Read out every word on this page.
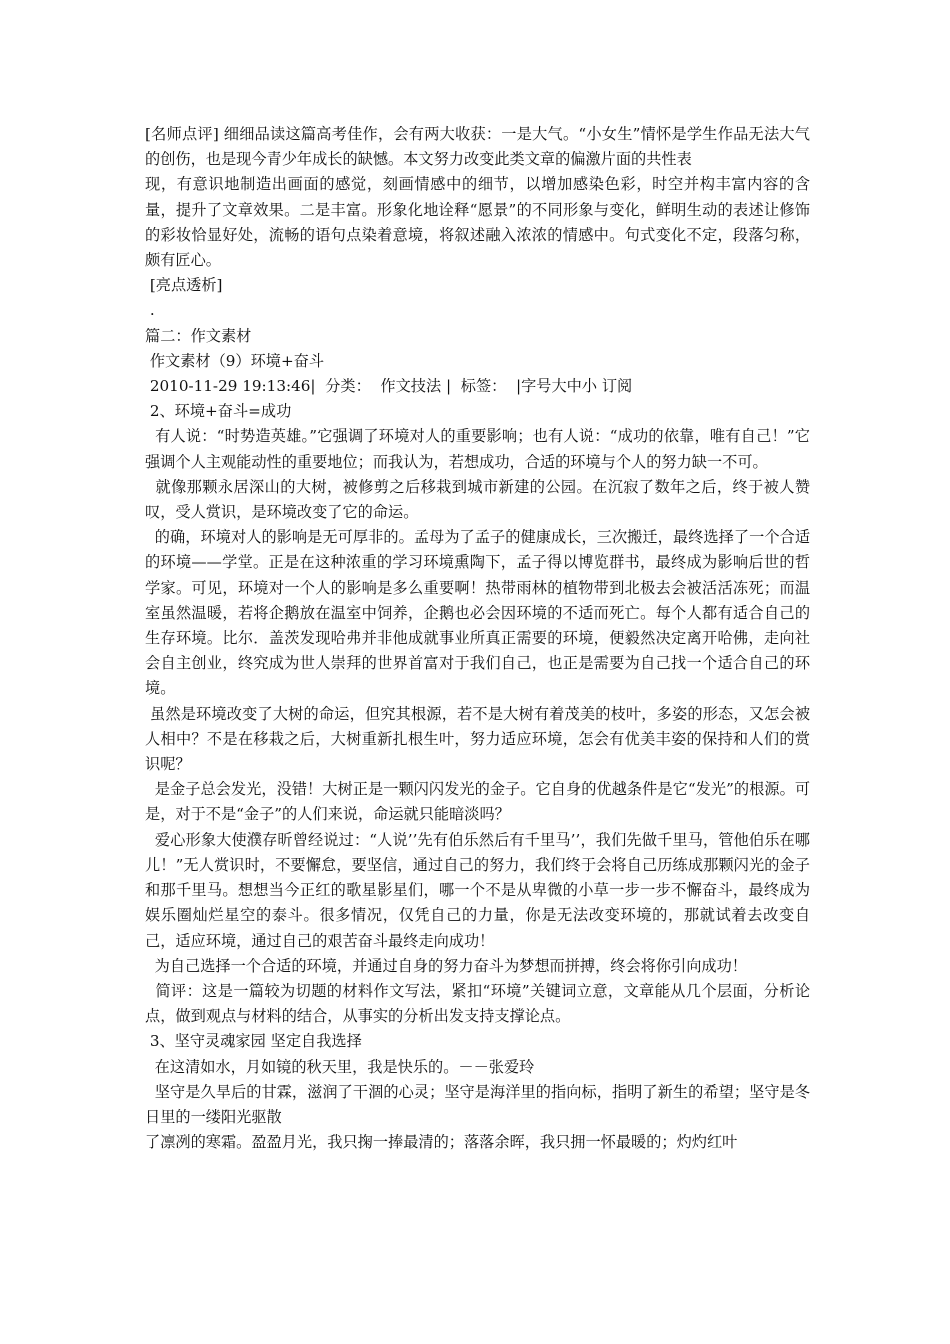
[名师点评] 细细品读这篇高考佳作，会有两大收获：一是大气。“小女生”情怀是学生作品无法大气的创伤，也是现今青少年成长的缺憾。本文努力改变此类文章的偏激片面的共性表

现，有意识地制造出画面的感觉，刻画情感中的细节，以增加感染色彩，时空并构丰富内容的含量，提升了文章效果。二是丰富。形象化地诠释“愿景”的不同形象与变化，鲜明生动的表述让修饰的彩妆恰显好处，流畅的语句点染着意境，将叙述融入浓浓的情感中。句式变化不定，段落匀称，颇有匠心。

[亮点透析]

.

篇二：作文素材

作文素材（9）环境+奋斗

2010-11-29 19:13:46|  分类：  作文技法 |  标签：  |字号大中小 订阅

2、环境+奋斗=成功

有人说：“时势造英雄。”它强调了环境对人的重要影响；也有人说：“成功的依靠，唯有自己！”它强调个人主观能动性的重要地位；而我认为，若想成功，合适的环境与个人的努力缺一不可。

就像那颗永居深山的大树，被修剪之后移栽到城市新建的公园。在沉寂了数年之后，终于被人赞叹，受人赏识，是环境改变了它的命运。

的确，环境对人的影响是无可厚非的。孟母为了孟子的健康成长，三次搬迁，最终选择了一个合适的环境——学堂。正是在这种浓重的学习环境熏陶下，孟子得以博览群书，最终成为影响后世的哲学家。可见，环境对一个人的影响是多么重要啊！热带雨林的植物带到北极去会被活活冻死；而温室虽然温暖，若将企鹅放在温室中饲养，企鹅也必会因环境的不适而死亡。每个人都有适合自己的生存环境。比尔．盖茨发现哈弗并非他成就事业所真正需要的环境，便毅然决定离开哈佛，走向社会自主创业，终究成为世人崇拜的世界首富对于我们自己，也正是需要为自己找一个适合自己的环境。

虽然是环境改变了大树的命运，但究其根源，若不是大树有着茂美的枝叶，多姿的形态，又怎会被人相中？不是在移栽之后，大树重新扎根生叶，努力适应环境，怎会有优美丰姿的保持和人们的赏识呢？

是金子总会发光，没错！大树正是一颗闪闪发光的金子。它自身的优越条件是它“发光”的根源。可是，对于不是“金子”的人们来说，命运就只能暗淡吗？

爱心形象大使濮存昕曾经说过：“人说’’先有伯乐然后有千里马’’，我们先做千里马，管他伯乐在哪儿！”无人赏识时，不要懈怠，要坚信，通过自己的努力，我们终于会将自己历练成那颗闪光的金子和那千里马。想想当今正红的歌星影星们，哪一个不是从卑微的小草一步一步不懈奋斗，最终成为娱乐圈灿烂星空的泰斗。很多情况，仅凭自己的力量，你是无法改变环境的，那就试着去改变自己，适应环境，通过自己的艰苦奋斗最终走向成功！

为自己选择一个合适的环境，并通过自身的努力奋斗为梦想而拼搏，终会将你引向成功！

简评：这是一篇较为切题的材料作文写法，紧扣“环境”关键词立意，文章能从几个层面，分析论点，做到观点与材料的结合，从事实的分析出发支持支撑论点。

3、坚守灵魂家园 坚定自我选择

在这清如水，月如镜的秋天里，我是快乐的。－－张爱玲

坚守是久旱后的甘霖，滋润了干涸的心灵；坚守是海洋里的指向标，指明了新生的希望；坚守是冬日里的一缕阳光驱散

了凛冽的寒霜。盈盈月光，我只掬一捧最清的；落落余晖，我只拥一怀最暖的；灼灼红叶
